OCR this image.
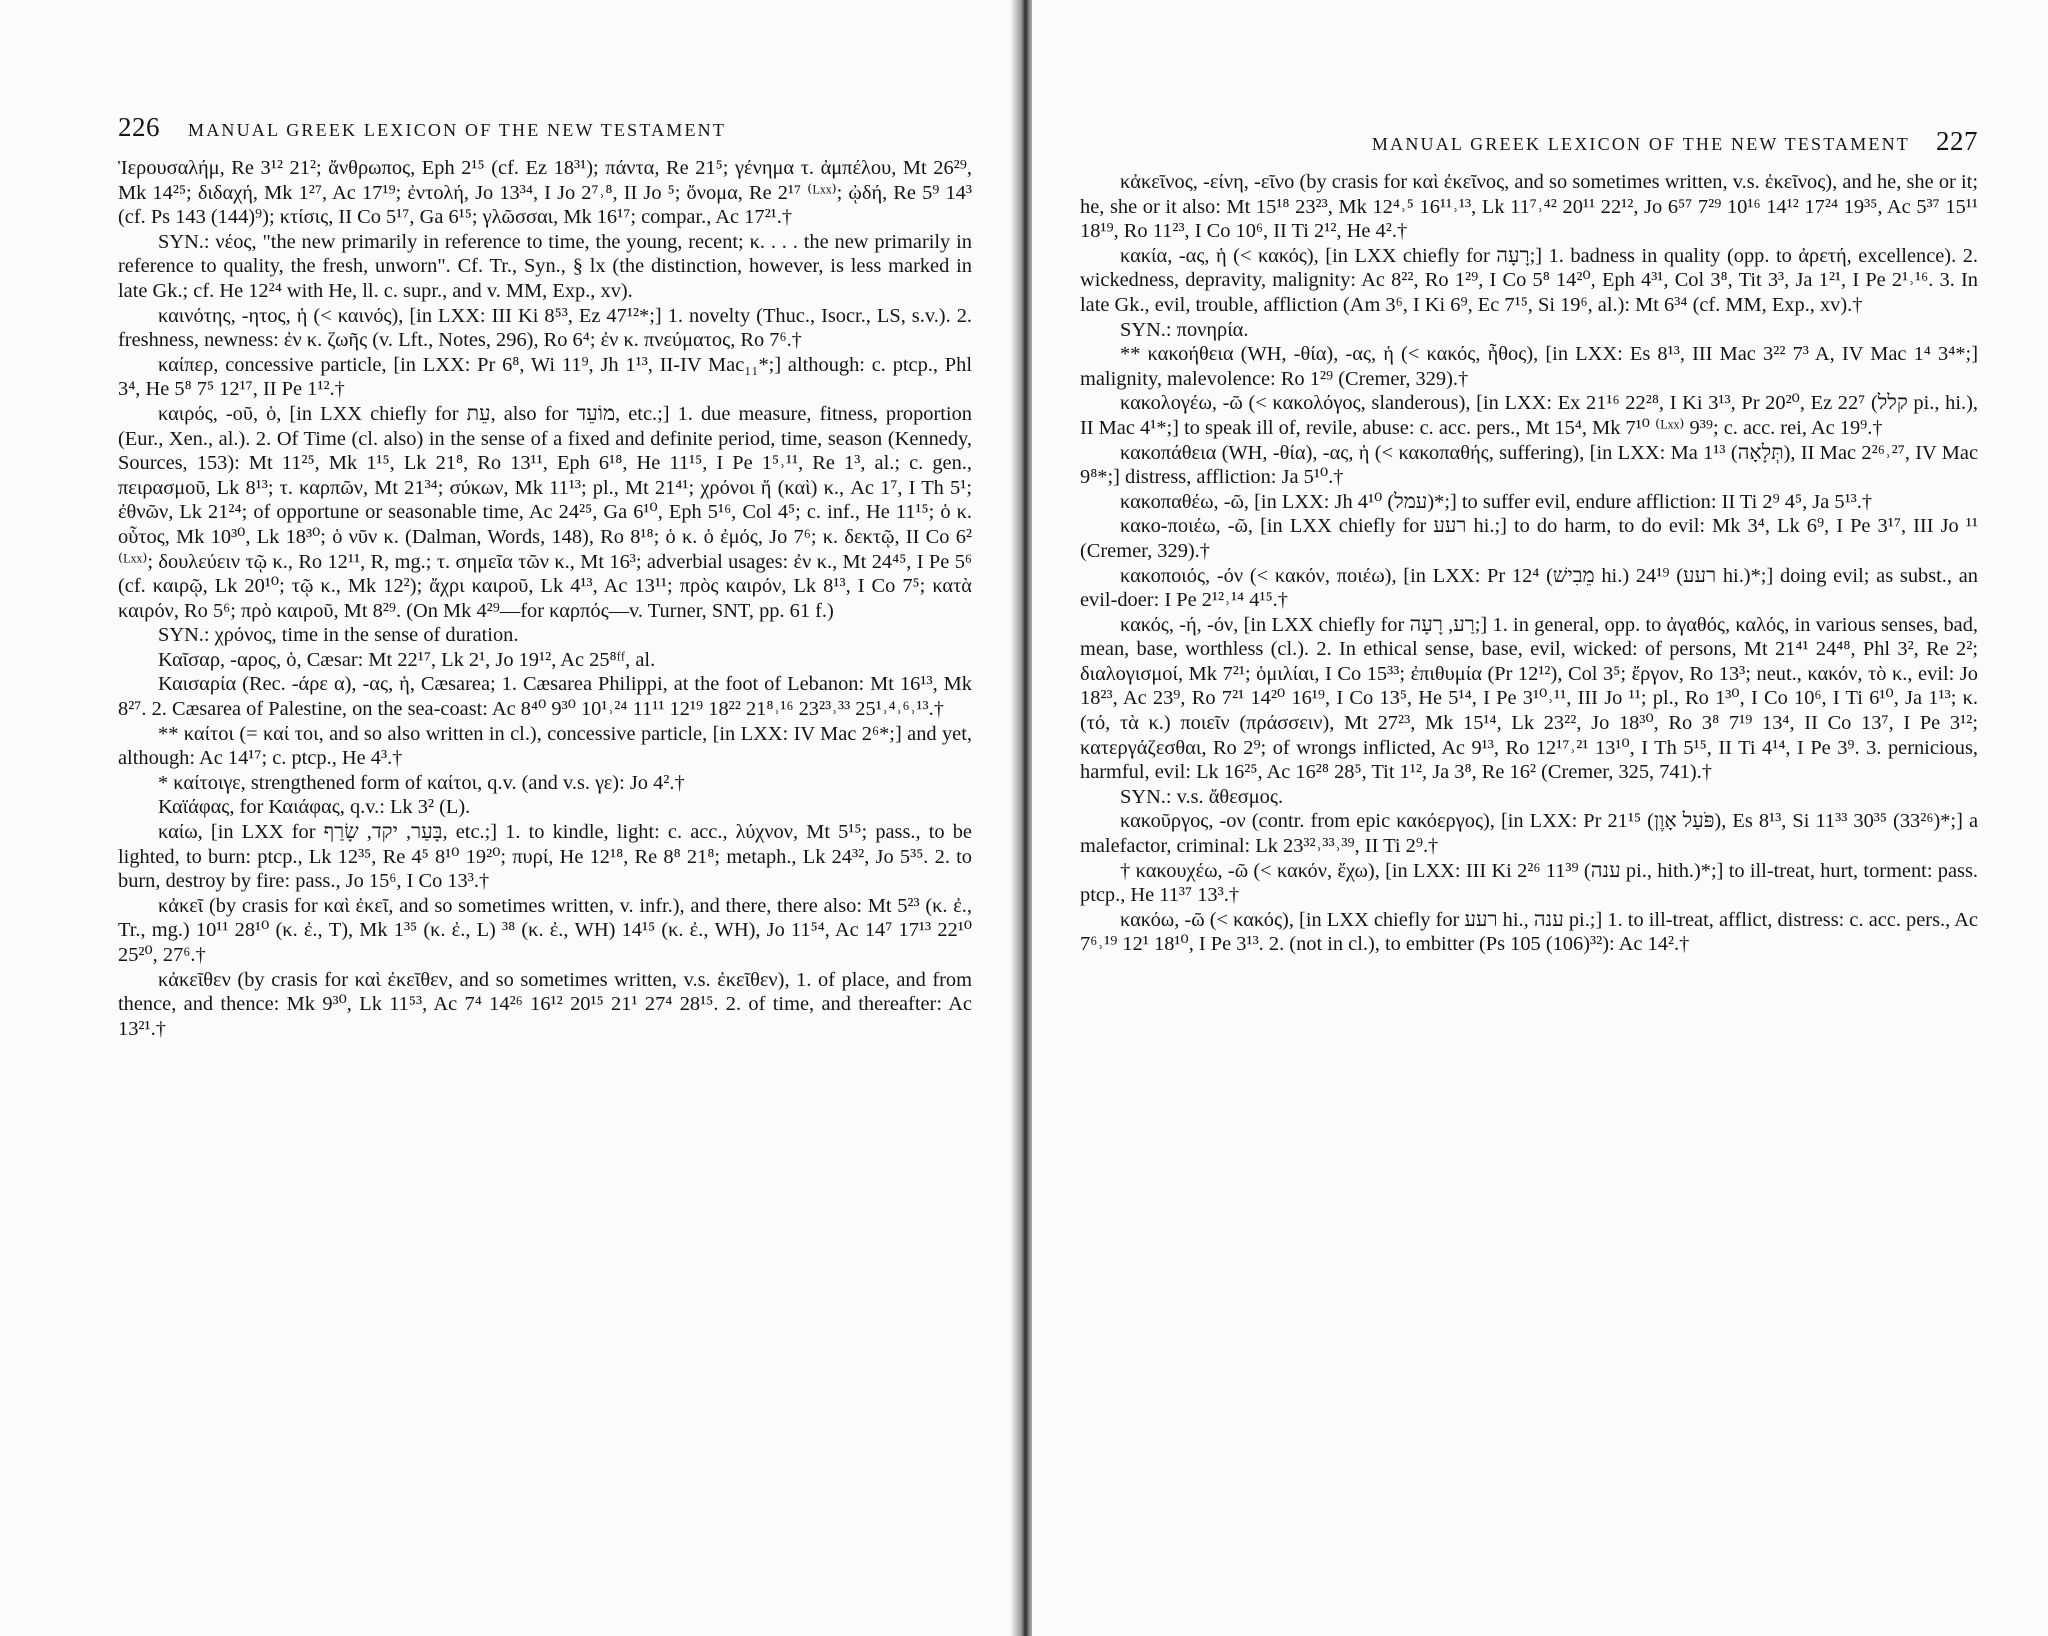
226 MANUAL GREEK LEXICON OF THE NEW TESTAMENT

Ἱερουσαλήμ, Re 3¹² 21²; ἄνθρωπος, Eph 2¹⁵ (cf. Ez 18³¹); πάντα, Re 21⁵; γένημα τ. ἀμπέλου, Mt 26²⁹, Mk 14²⁵; διδαχή, Mk 1²⁷, Ac 17¹⁹; ἐντολή, Jo 13³⁴, I Jo 2⁷˒⁸, II Jo ⁵; ὄνομα, Re 2¹⁷ ⁽ᴸˣˣ⁾; ᾠδή, Re 5⁹ 14³ (cf. Ps 143 (144)⁹); κτίσις, II Co 5¹⁷, Ga 6¹⁵; γλῶσσαι, Mk 16¹⁷; compar., Ac 17²¹.†

SYN.: νέος, "the new primarily in reference to time, the young, recent; κ. . . . the new primarily in reference to quality, the fresh, unworn". Cf. Tr., Syn., § lx (the distinction, however, is less marked in late Gk.; cf. He 12²⁴ with He, ll. c. supr., and v. MM, Exp., xv).

καινότης, -ητος, ἡ (< καινός), [in LXX: III Ki 8⁵³, Ez 47¹²*;] 1. novelty (Thuc., Isocr., LS, s.v.). 2. freshness, newness: ἐν κ. ζωῆς (v. Lft., Notes, 296), Ro 6⁴; ἐν κ. πνεύματος, Ro 7⁶.†

καίπερ, concessive particle, [in LXX: Pr 6⁸, Wi 11⁹, Jh 1¹³, II-IV Mac₁₁*;] although: c. ptcp., Phl 3⁴, He 5⁸ 7⁵ 12¹⁷, II Pe 1¹².†

καιρός, -οῦ, ὁ, [in LXX chiefly for עֵת, also for מוֹעֵד, etc.;] 1. due measure, fitness, proportion (Eur., Xen., al.). 2. Of Time (cl. also) in the sense of a fixed and definite period, time, season (Kennedy, Sources, 153): Mt 11²⁵, Mk 1¹⁵, Lk 21⁸, Ro 13¹¹, Eph 6¹⁸, He 11¹⁵, I Pe 1⁵˒¹¹, Re 1³, al.; c. gen., πειρασμοῦ, Lk 8¹³; τ. καρπῶν, Mt 21³⁴; σύκων, Mk 11¹³; pl., Mt 21⁴¹; χρόνοι ἤ (καὶ) κ., Ac 1⁷, I Th 5¹; ἐθνῶν, Lk 21²⁴; of opportune or seasonable time, Ac 24²⁵, Ga 6¹⁰, Eph 5¹⁶, Col 4⁵; c. inf., He 11¹⁵; ὁ κ. οὗτος, Mk 10³⁰, Lk 18³⁰; ὁ νῦν κ. (Dalman, Words, 148), Ro 8¹⁸; ὁ κ. ὁ ἐμός, Jo 7⁶; κ. δεκτῷ, II Co 6² ⁽ᴸˣˣ⁾; δουλεύειν τῷ κ., Ro 12¹¹, R, mg.; τ. σημεῖα τῶν κ., Mt 16³; adverbial usages: ἐν κ., Mt 24⁴⁵, I Pe 5⁶ (cf. καιρῷ, Lk 20¹⁰; τῷ κ., Mk 12²); ἄχρι καιροῦ, Lk 4¹³, Ac 13¹¹; πρὸς καιρόν, Lk 8¹³, I Co 7⁵; κατὰ καιρόν, Ro 5⁶; πρὸ καιροῦ, Mt 8²⁹. (On Mk 4²⁹—for καρπός—v. Turner, SNT, pp. 61 f.)

SYN.: χρόνος, time in the sense of duration.

Καῖσαρ, -αρος, ὁ, Cæsar: Mt 22¹⁷, Lk 2¹, Jo 19¹², Ac 25⁸ᶠᶠ, al.

Καισαρία (Rec. -άρε α), -ας, ἡ, Cæsarea; 1. Cæsarea Philippi, at the foot of Lebanon: Mt 16¹³, Mk 8²⁷. 2. Cæsarea of Palestine, on the sea-coast: Ac 8⁴⁰ 9³⁰ 10¹˒²⁴ 11¹¹ 12¹⁹ 18²² 21⁸˒¹⁶ 23²³˒³³ 25¹˒⁴˒⁶˒¹³.†

** καίτοι (= καί τοι, and so also written in cl.), concessive particle, [in LXX: IV Mac 2⁶*;] and yet, although: Ac 14¹⁷; c. ptcp., He 4³.†

* καίτοιγε, strengthened form of καίτοι, q.v. (and v.s. γε): Jo 4².†

Καϊάφας, for Καιάφας, q.v.: Lk 3² (L).

καίω, [in LXX for בָּעַר, יקד, שָׂרַף, etc.;] 1. to kindle, light: c. acc., λύχνον, Mt 5¹⁵; pass., to be lighted, to burn: ptcp., Lk 12³⁵, Re 4⁵ 8¹⁰ 19²⁰; πυρί, He 12¹⁸, Re 8⁸ 21⁸; metaph., Lk 24³², Jo 5³⁵. 2. to burn, destroy by fire: pass., Jo 15⁶, I Co 13³.†

κἀκεῖ (by crasis for καὶ ἐκεῖ, and so sometimes written, v. infr.), and there, there also: Mt 5²³ (κ. ἐ., Tr., mg.) 10¹¹ 28¹⁰ (κ. ἐ., T), Mk 1³⁵ (κ. ἐ., L) ³⁸ (κ. ἐ., WH) 14¹⁵ (κ. ἐ., WH), Jo 11⁵⁴, Ac 14⁷ 17¹³ 22¹⁰ 25²⁰, 27⁶.†

κἀκεῖθεν (by crasis for καὶ ἐκεῖθεν, and so sometimes written, v.s. ἐκεῖθεν), 1. of place, and from thence, and thence: Mk 9³⁰, Lk 11⁵³, Ac 7⁴ 14²⁶ 16¹² 20¹⁵ 21¹ 27⁴ 28¹⁵. 2. of time, and thereafter: Ac 13²¹.†

MANUAL GREEK LEXICON OF THE NEW TESTAMENT 227

κἀκεῖνος, -είνη, -εῖνο (by crasis for καὶ ἐκεῖνος, and so sometimes written, v.s. ἐκεῖνος), and he, she or it; he, she or it also: Mt 15¹⁸ 23²³, Mk 12⁴˒⁵ 16¹¹˒¹³, Lk 11⁷˒⁴² 20¹¹ 22¹², Jo 6⁵⁷ 7²⁹ 10¹⁶ 14¹² 17²⁴ 19³⁵, Ac 5³⁷ 15¹¹ 18¹⁹, Ro 11²³, I Co 10⁶, II Ti 2¹², He 4².†

κακία, -ας, ἡ (< κακός), [in LXX chiefly for רָעָה;] 1. badness in quality (opp. to ἀρετή, excellence). 2. wickedness, depravity, malignity: Ac 8²², Ro 1²⁹, I Co 5⁸ 14²⁰, Eph 4³¹, Col 3⁸, Tit 3³, Ja 1²¹, I Pe 2¹˒¹⁶. 3. In late Gk., evil, trouble, affliction (Am 3⁶, I Ki 6⁹, Ec 7¹⁵, Si 19⁶, al.): Mt 6³⁴ (cf. MM, Exp., xv).†

SYN.: πονηρία.

** κακοήθεια (WH, -θία), -ας, ἡ (< κακός, ἦθος), [in LXX: Es 8¹³, III Mac 3²² 7³ A, IV Mac 1⁴ 3⁴*;] malignity, malevolence: Ro 1²⁹ (Cremer, 329).†

κακολογέω, -ῶ (< κακολόγος, slanderous), [in LXX: Ex 21¹⁶ 22²⁸, I Ki 3¹³, Pr 20²⁰, Ez 22⁷ (קלל pi., hi.), II Mac 4¹*;] to speak ill of, revile, abuse: c. acc. pers., Mt 15⁴, Mk 7¹⁰ ⁽ᴸˣˣ⁾ 9³⁹; c. acc. rei, Ac 19⁹.†

κακοπάθεια (WH, -θία), -ας, ἡ (< κακοπαθής, suffering), [in LXX: Ma 1¹³ (תְּלָאָה), II Mac 2²⁶˒²⁷, IV Mac 9⁸*;] distress, affliction: Ja 5¹⁰.†

κακοπαθέω, -ῶ, [in LXX: Jh 4¹⁰ (עמל)*;] to suffer evil, endure affliction: II Ti 2⁹ 4⁵, Ja 5¹³.†

κακο-ποιέω, -ῶ, [in LXX chiefly for רעע hi.;] to do harm, to do evil: Mk 3⁴, Lk 6⁹, I Pe 3¹⁷, III Jo ¹¹ (Cremer, 329).†

κακοποιός, -όν (< κακόν, ποιέω), [in LXX: Pr 12⁴ (מֵבִישׁ hi.) 24¹⁹ (רעע hi.)*;] doing evil; as subst., an evil-doer: I Pe 2¹²˒¹⁴ 4¹⁵.†

κακός, -ή, -όν, [in LXX chiefly for רַע, רָעָה;] 1. in general, opp. to ἀγαθός, καλός, in various senses, bad, mean, base, worthless (cl.). 2. In ethical sense, base, evil, wicked: of persons, Mt 21⁴¹ 24⁴⁸, Phl 3², Re 2²; διαλογισμοί, Mk 7²¹; ὁμιλίαι, I Co 15³³; ἐπιθυμία (Pr 12¹²), Col 3⁵; ἔργον, Ro 13³; neut., κακόν, τὸ κ., evil: Jo 18²³, Ac 23⁹, Ro 7²¹ 14²⁰ 16¹⁹, I Co 13⁵, He 5¹⁴, I Pe 3¹⁰˒¹¹, III Jo ¹¹; pl., Ro 1³⁰, I Co 10⁶, I Ti 6¹⁰, Ja 1¹³; κ. (τό, τὰ κ.) ποιεῖν (πράσσειν), Mt 27²³, Mk 15¹⁴, Lk 23²², Jo 18³⁰, Ro 3⁸ 7¹⁹ 13⁴, II Co 13⁷, I Pe 3¹²; κατεργάζεσθαι, Ro 2⁹; of wrongs inflicted, Ac 9¹³, Ro 12¹⁷˒²¹ 13¹⁰, I Th 5¹⁵, II Ti 4¹⁴, I Pe 3⁹. 3. pernicious, harmful, evil: Lk 16²⁵, Ac 16²⁸ 28⁵, Tit 1¹², Ja 3⁸, Re 16² (Cremer, 325, 741).†

SYN.: v.s. ἄθεσμος.

κακοῦργος, -ον (contr. from epic κακόεργος), [in LXX: Pr 21¹⁵ (פֹּעַל אָוֶן), Es 8¹³, Si 11³³ 30³⁵ (33²⁶)*;] a malefactor, criminal: Lk 23³²˒³³˒³⁹, II Ti 2⁹.†

† κακουχέω, -ῶ (< κακόν, ἔχω), [in LXX: III Ki 2²⁶ 11³⁹ (ענה pi., hith.)*;] to ill-treat, hurt, torment: pass. ptcp., He 11³⁷ 13³.†

κακόω, -ῶ (< κακός), [in LXX chiefly for רעע hi., ענה pi.;] 1. to ill-treat, afflict, distress: c. acc. pers., Ac 7⁶˒¹⁹ 12¹ 18¹⁰, I Pe 3¹³. 2. (not in cl.), to embitter (Ps 105 (106)³²): Ac 14².†
